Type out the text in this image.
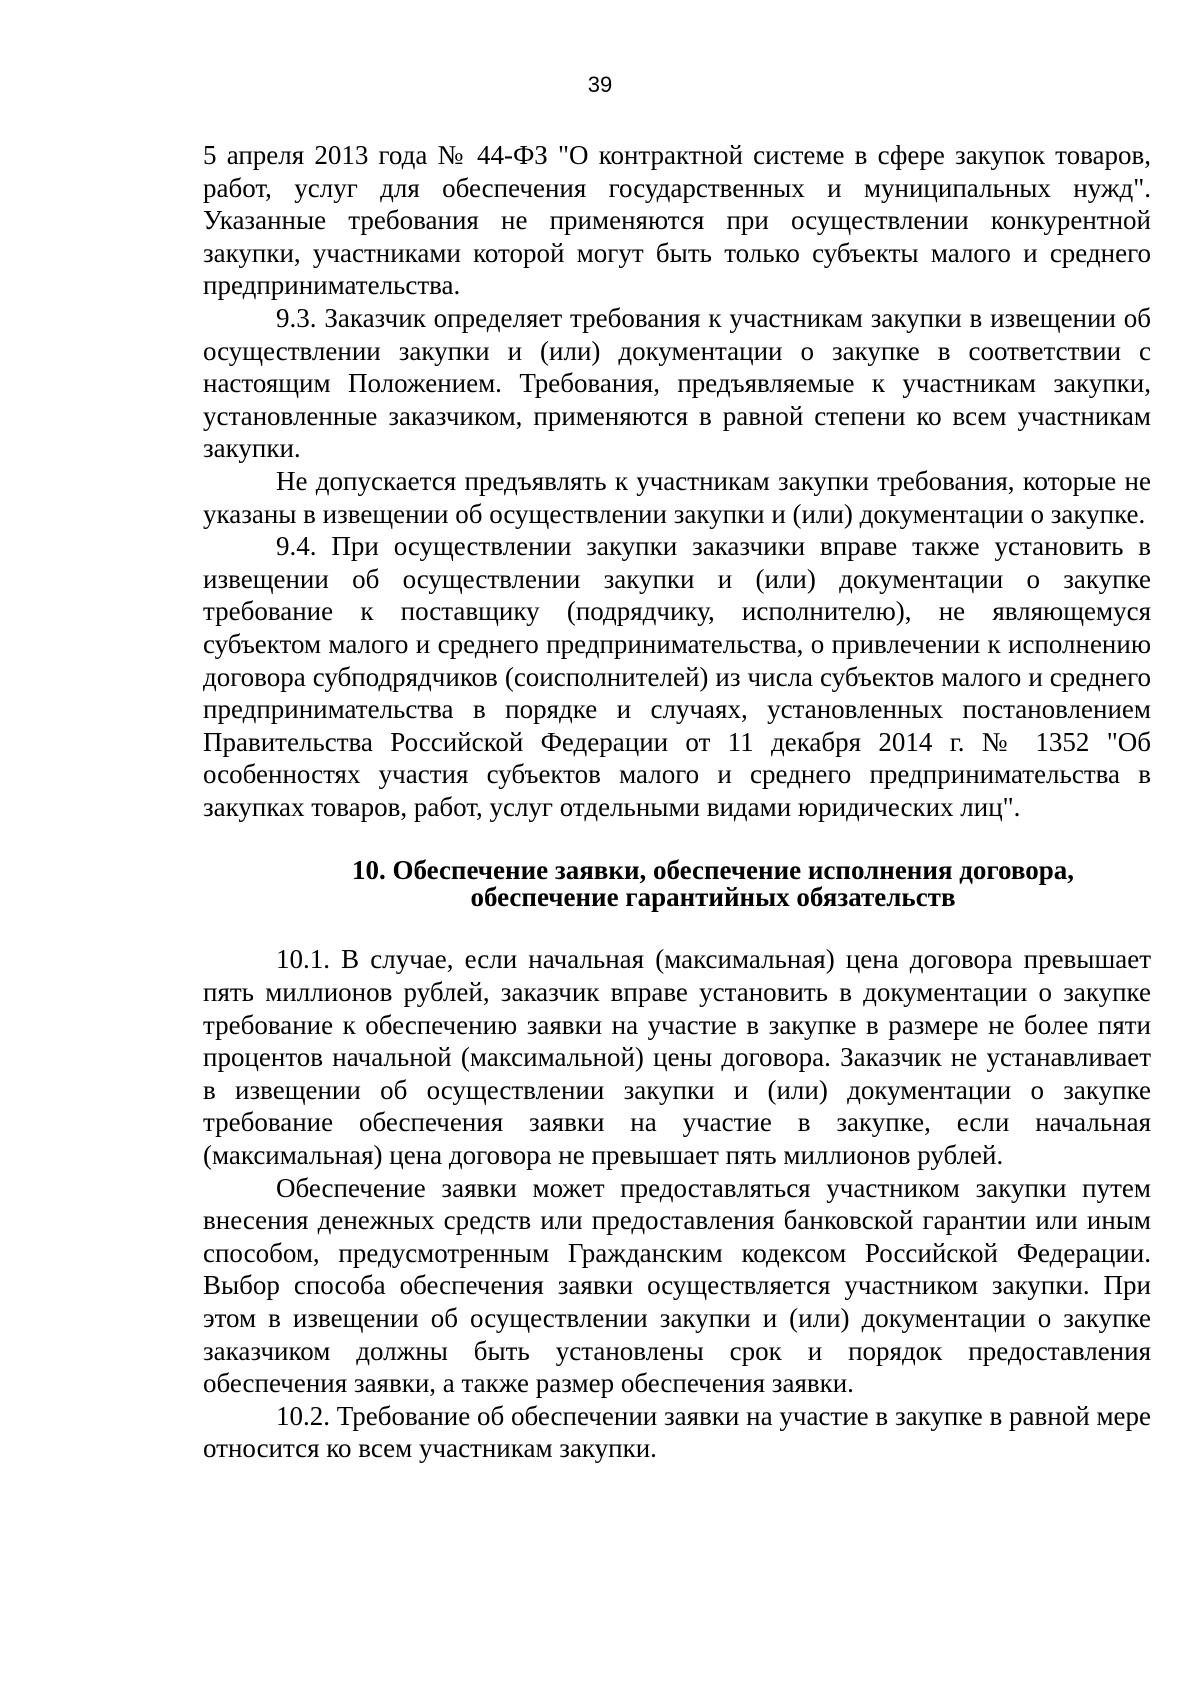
39

5 апреля 2013 года № 44-ФЗ "О контрактной системе в сфере закупок товаров, работ, услуг для обеспечения государственных и муниципальных нужд". Указанные требования не применяются при осуществлении конкурентной закупки, участниками которой могут быть только субъекты малого и среднего предпринимательства.

9.3. Заказчик определяет требования к участникам закупки в извещении об осуществлении закупки и (или) документации о закупке в соответствии с настоящим Положением. Требования, предъявляемые к участникам закупки, установленные заказчиком, применяются в равной степени ко всем участникам закупки.

Не допускается предъявлять к участникам закупки требования, которые не указаны в извещении об осуществлении закупки и (или) документации о закупке.

9.4. При осуществлении закупки заказчики вправе также установить в извещении об осуществлении закупки и (или) документации о закупке требование к поставщику (подрядчику, исполнителю), не являющемуся субъектом малого и среднего предпринимательства, о привлечении к исполнению договора субподрядчиков (соисполнителей) из числа субъектов малого и среднего предпринимательства в порядке и случаях, установленных постановлением Правительства Российской Федерации от 11 декабря 2014 г. № 1352 "Об особенностях участия субъектов малого и среднего предпринимательства в закупках товаров, работ, услуг отдельными видами юридических лиц".

10. Обеспечение заявки, обеспечение исполнения договора,
обеспечение гарантийных обязательств

10.1. В случае, если начальная (максимальная) цена договора превышает пять миллионов рублей, заказчик вправе установить в документации о закупке требование к обеспечению заявки на участие в закупке в размере не более пяти процентов начальной (максимальной) цены договора. Заказчик не устанавливает в извещении об осуществлении закупки и (или) документации о закупке требование обеспечения заявки на участие в закупке, если начальная (максимальная) цена договора не превышает пять миллионов рублей.

Обеспечение заявки может предоставляться участником закупки путем внесения денежных средств или предоставления банковской гарантии или иным способом, предусмотренным Гражданским кодексом Российской Федерации. Выбор способа обеспечения заявки осуществляется участником закупки. При этом в извещении об осуществлении закупки и (или) документации о закупке заказчиком должны быть установлены срок и порядок предоставления обеспечения заявки, а также размер обеспечения заявки.

10.2. Требование об обеспечении заявки на участие в закупке в равной мере относится ко всем участникам закупки.
